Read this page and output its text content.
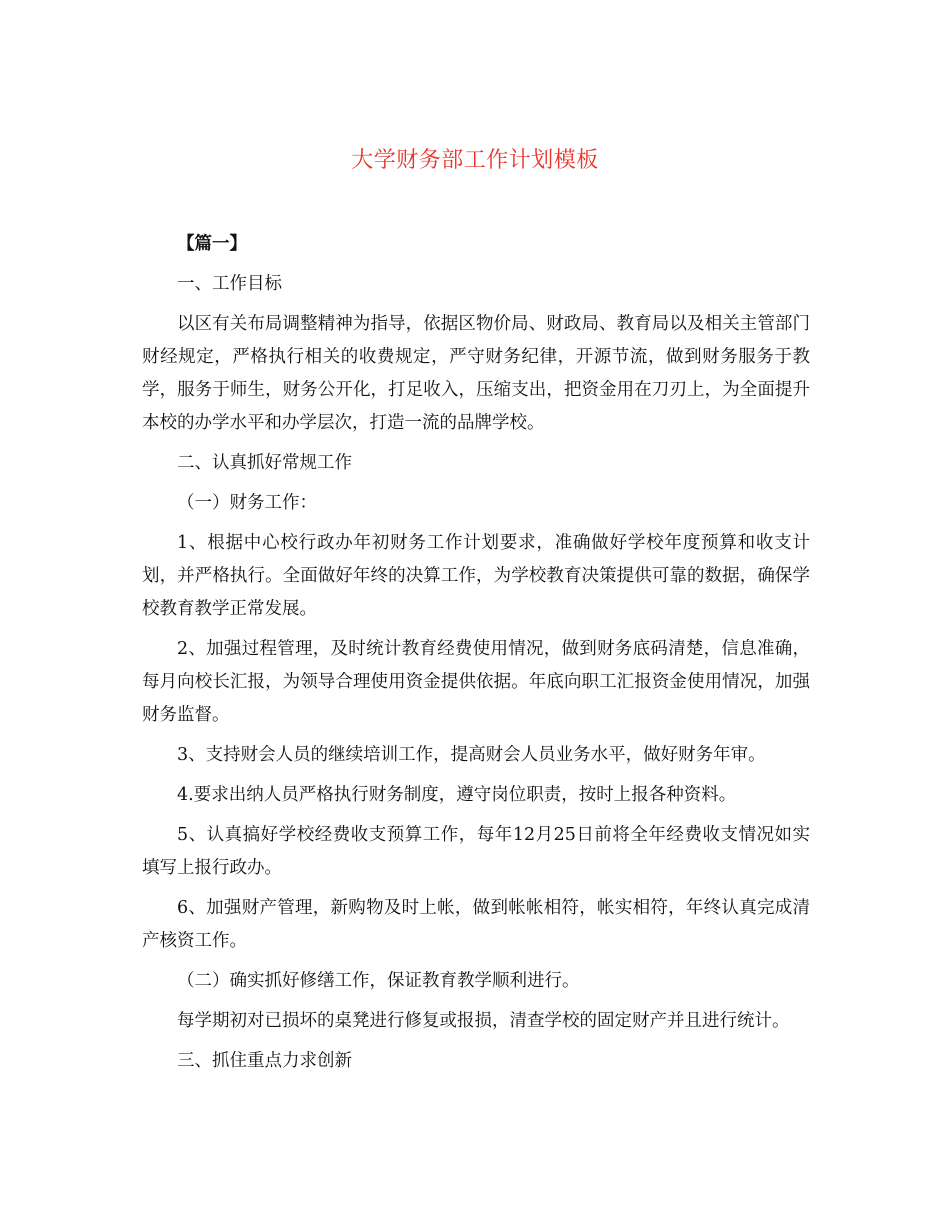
大学财务部工作计划模板

【篇一】

一、工作目标

以区有关布局调整精神为指导，依据区物价局、财政局、教育局以及相关主管部门财经规定，严格执行相关的收费规定，严守财务纪律，开源节流，做到财务服务于教学，服务于师生，财务公开化，打足收入，压缩支出，把资金用在刀刃上，为全面提升本校的办学水平和办学层次，打造一流的品牌学校。

二、认真抓好常规工作

（一）财务工作：

1、根据中心校行政办年初财务工作计划要求，准确做好学校年度预算和收支计划，并严格执行。全面做好年终的决算工作，为学校教育决策提供可靠的数据，确保学校教育教学正常发展。

2、加强过程管理，及时统计教育经费使用情况，做到财务底码清楚，信息准确，每月向校长汇报，为领导合理使用资金提供依据。年底向职工汇报资金使用情况，加强财务监督。

3、支持财会人员的继续培训工作，提高财会人员业务水平，做好财务年审。

4.要求出纳人员严格执行财务制度，遵守岗位职责，按时上报各种资料。

5、认真搞好学校经费收支预算工作，每年12月25日前将全年经费收支情况如实填写上报行政办。

6、加强财产管理，新购物及时上帐，做到帐帐相符，帐实相符，年终认真完成清产核资工作。

（二）确实抓好修缮工作，保证教育教学顺利进行。

每学期初对已损坏的桌凳进行修复或报损，清查学校的固定财产并且进行统计。

三、抓住重点力求创新
